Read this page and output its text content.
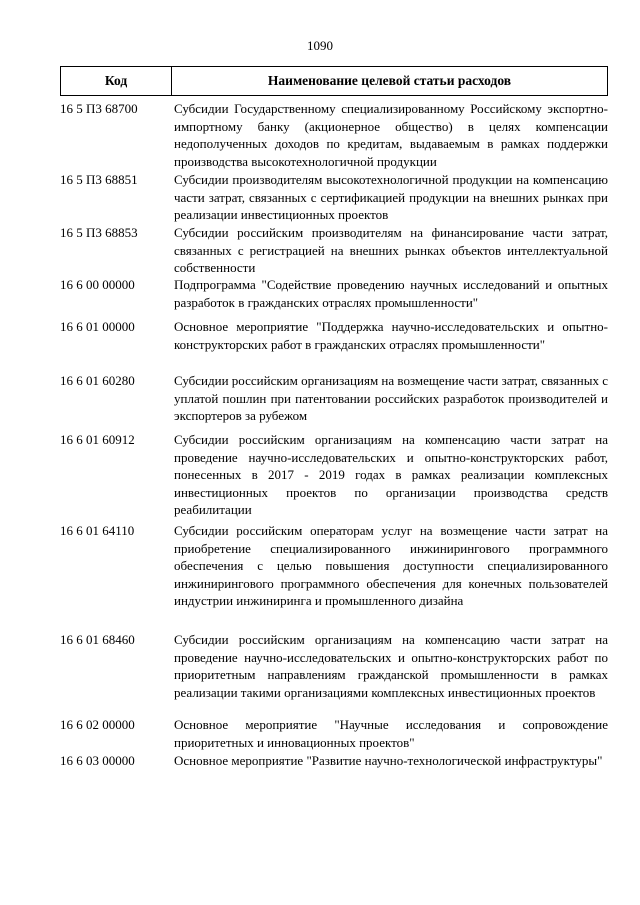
1090
Код	Наименование целевой статьи расходов
16 5 П3 68700	Субсидии Государственному специализированному Российскому экспортно-импортному банку (акционерное общество) в целях компенсации недополученных доходов по кредитам, выдаваемым в рамках поддержки производства высокотехнологичной продукции
16 5 П3 68851	Субсидии производителям высокотехнологичной продукции на компенсацию части затрат, связанных с сертификацией продукции на внешних рынках при реализации инвестиционных проектов
16 5 П3 68853	Субсидии российским производителям на финансирование части затрат, связанных с регистрацией на внешних рынках объектов интеллектуальной собственности
16 6 00 00000	Подпрограмма "Содействие проведению научных исследований и опытных разработок в гражданских отраслях промышленности"
16 6 01 00000	Основное мероприятие "Поддержка научно-исследовательских и опытно-конструкторских работ в гражданских отраслях промышленности"
16 6 01 60280	Субсидии российским организациям на возмещение части затрат, связанных с уплатой пошлин при патентовании российских разработок производителей и экспортеров за рубежом
16 6 01 60912	Субсидии российским организациям на компенсацию части затрат на проведение научно-исследовательских и опытно-конструкторских работ, понесенных в 2017 - 2019 годах в рамках реализации комплексных инвестиционных проектов по организации производства средств реабилитации
16 6 01 64110	Субсидии российским операторам услуг на возмещение части затрат на приобретение специализированного инжинирингового программного обеспечения с целью повышения доступности специализированного инжинирингового программного обеспечения для конечных пользователей индустрии инжиниринга и промышленного дизайна
16 6 01 68460	Субсидии российским организациям на компенсацию части затрат на проведение научно-исследовательских и опытно-конструкторских работ по приоритетным направлениям гражданской промышленности в рамках реализации такими организациями комплексных инвестиционных проектов
16 6 02 00000	Основное мероприятие "Научные исследования и сопровождение приоритетных и инновационных проектов"
16 6 03 00000	Основное мероприятие "Развитие научно-технологической инфраструктуры"
